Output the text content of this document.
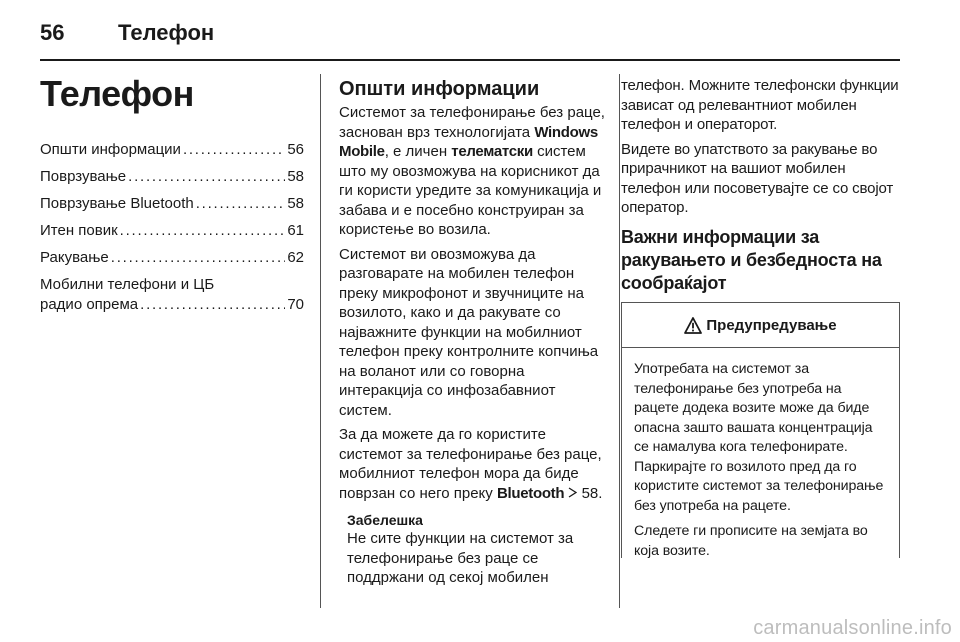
56 Телефон
Телефон
Општи информации . . .	56
Поврзување . . .	58
Поврзување Bluetooth . . .	58
Итен повик . . .	61
Ракување . . .	62
Мобилни телефони и ЦБ
радио опрема . . .	70
Општи информации

Системот за телефонирање без раце, заснован врз технологијата Windows Mobile, е личен телематски систем што му овозможува на корисникот да ги користи уредите за комуникација и забава и е посебно конструиран за користење во возила.

Системот ви овозможува да разговарате на мобилен телефон преку микрофонот и звучниците на возилото, како и да ракувате со најважните функции на мобилниот телефон преку контролните копчиња на воланот или со говорна интеракција со инфозабавниот систем.

За да можете да го користите системот за телефонирање без раце, мобилниот телефон мора да биде поврзан со него преку Bluetooth  58.

Забелешка

Не сите функции на системот за телефонирање без раце се поддржани од секој мобилен

телефон. Можните телефонски функции зависат од релевантниот мобилен телефон и операторот.

Видете во упатството за ракување во прирачникот на вашиот мобилен телефон или посоветувајте се со својот оператор.

Важни информации за ракувањето и безбедноста на сообраќајот
Предупредување

Употребата на системот за телефонирање без употреба на рацете додека возите може да биде опасна зашто вашата концентрација се намалува кога телефонирате. Паркирајте го возилото пред да го користите системот за телефонирање без употреба на рацете.

Следете ги прописите на земјата во која возите.

carmanualsonline.info
